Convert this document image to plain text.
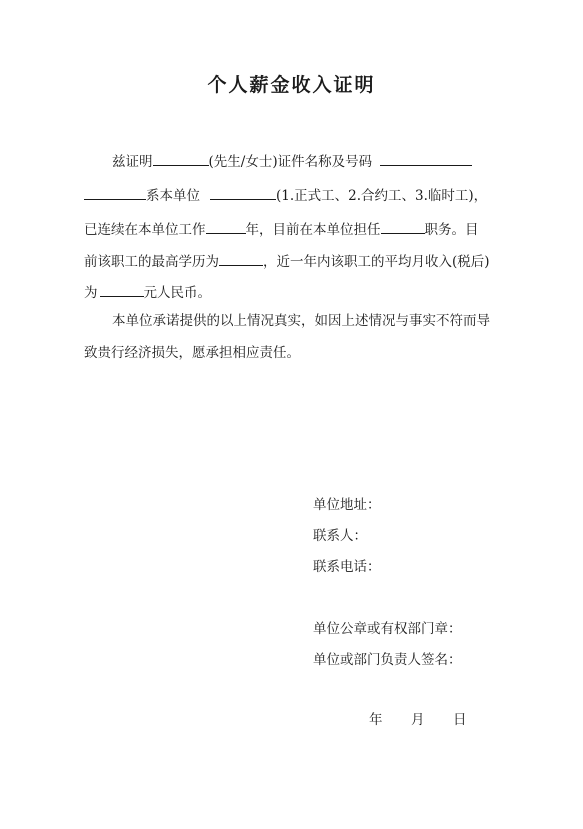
个人薪金收入证明
兹证明	(先生/女士)证件名称及号码
系本单位	(1.正式工、2.合约工、3.临时工)，
已连续在本单位工作	年，目前在本单位担任	职务。目
前该职工的最高学历为	，近一年内该职工的平均月收入(税后)
为	元人民币。
本单位承诺提供的以上情况真实，如因上述情况与事实不符而导
致贵行经济损失，愿承担相应责任。
单位地址：
联系人：
联系电话：
单位公章或有权部门章：
单位或部门负责人签名：
年 月 日
